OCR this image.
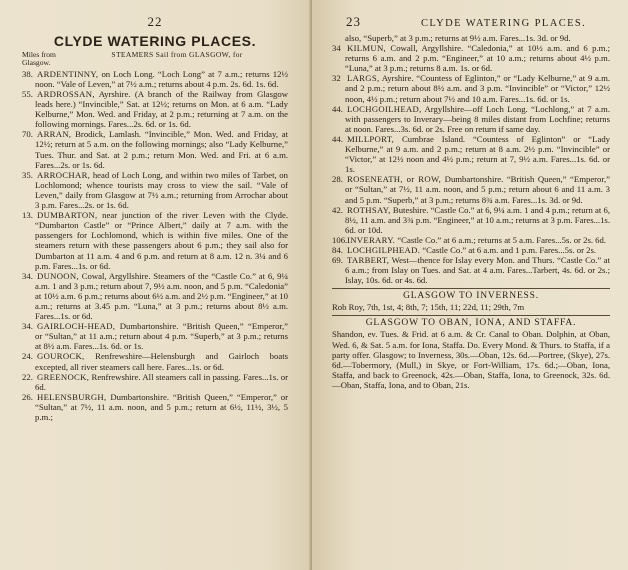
22
CLYDE WATERING PLACES.
Miles from Glasgow.
STEAMERS Sail from GLASGOW, for
38. ARDENTINNY, on Loch Long. “Loch Long” at 7 a.m.; returns 12½ noon. “Vale of Leven,” at 7½ a.m.; returns about 4 p.m. 2s. 6d. 1s. 6d.
55. ARDROSSAN, Ayrshire. (A branch of the Railway from Glasgow leads here.) “Invincible,” Sat. at 12½; returns on Mon. at 6 a.m. “Lady Kelburne,” Mon. Wed. and Friday, at 2 p.m.; returning at 7 a.m. on the following mornings. Fares...2s. 6d. or 1s. 6d.
70. ARRAN, Brodick, Lamlash. “Invincible,” Mon. Wed. and Friday, at 12½; return at 5 a.m. on the following mornings; also “Lady Kelburne,” Tues. Thur. and Sat. at 2 p.m.; return Mon. Wed. and Fri. at 6 a.m. Fares...2s. or 1s. 6d.
35. ARROCHAR, head of Loch Long, and within two miles of Tarbet, on Lochlomond; whence tourists may cross to view the sail. “Vale of Leven,” daily from Glasgow at 7½ a.m.; returning from Arrochar about 3 p.m. Fares...2s. or 1s. 6d.
13. DUMBARTON, near junction of the river Leven with the Clyde. “Dumbarton Castle” or “Prince Albert,” daily at 7 a.m. with the passengers for Lochlomond, which is within five miles. One of the steamers return with these passengers about 6 p.m.; they sail also for Dumbarton at 11 a.m. 4 and 6 p.m. and return at 8 a.m. 12 n. 3¼ and 6 p.m. Fares...1s. or 6d.
34. DUNOON, Cowal, Argyllshire. Steamers of the “Castle Co.” at 6, 9¼ a.m. 1 and 3 p.m.; return about 7, 9½ a.m. noon, and 5 p.m. “Caledonia” at 10½ a.m. 6 p.m.; returns about 6½ a.m. and 2½ p.m. “Engineer,” at 10 a.m.; returns at 3.45 p.m. “Luna,” at 3 p.m.; returns about 8½ a.m. Fares...1s. or 6d.
34. GAIRLOCH-HEAD, Dumbartonshire. “British Queen,” “Emperor,” or “Sultan,” at 11 a.m.; return about 4 p.m. “Superb,” at 3 p.m.; returns at 8½ a.m. Fares...1s. 6d. or 1s.
24. GOUROCK, Renfrewshire—Helensburgh and Gairloch boats excepted, all river steamers call here. Fares...1s. or 6d.
22. GREENOCK, Renfrewshire. All steamers call in passing. Fares...1s. or 6d.
26. HELENSBURGH, Dumbartonshire. “British Queen,” “Emperor,” or “Sultan,” at 7½, 11 a.m. noon, and 5 p.m.; return at 6½, 11½, 3½, 5 p.m.;
23	CLYDE WATERING PLACES.
also, “Superb,” at 3 p.m.; returns at 9½ a.m. Fares...1s. 3d. or 9d.
34 KILMUN, Cowall, Argyllshire. “Caledonia,” at 10½ a.m. and 6 p.m.; returns 6 a.m. and 2 p.m. “Engineer,” at 10 a.m.; returns about 4½ p.m. “Luna,” at 3 p.m.; returns 8 a.m. 1s. or 6d.
32 LARGS, Ayrshire. “Countess of Eglinton,” or “Lady Kelburne,” at 9 a.m. and 2 p.m.; return about 8½ a.m. and 3 p.m. “Invincible” or “Victor,” 12½ noon, 4½ p.m.; return about 7½ and 10 a.m. Fares...1s. 6d. or 1s.
44. LOCHGOILHEAD, Argyllshire—off Loch Long. “Lochlong,” at 7 a.m. with passengers to Inverary—being 8 miles distant from Lochfine; returns at noon. Fares...3s. 6d. or 2s. Free on return if same day.
44. MILLPORT, Cumbrae Island. “Countess of Eglinton” or “Lady Kelburne,” at 9 a.m. and 2 p.m.; return at 8 a.m. 2½ p.m. “Invincible” or “Victor,” at 12½ noon and 4½ p.m.; return at 7, 9½ a.m. Fares...1s. 6d. or 1s.
28. ROSENEATH, or ROW, Dumbartonshire. “British Queen,” “Emperor,” or “Sultan,” at 7½, 11 a.m. noon, and 5 p.m.; return about 6 and 11 a.m. 3 and 5 p.m. “Superb,” at 3 p.m.; returns 8¾ a.m. Fares...1s. 3d. or 9d.
42. ROTHSAY, Buteshire. “Castle Co.” at 6, 9¼ a.m. 1 and 4 p.m.; return at 6, 8½, 11 a.m. and 3¾ p.m. “Engineer,” at 10 a.m.; returns at 3 p.m. Fares...1s. 6d. or 10d.
106.INVERARY. “Castle Co.” at 6 a.m.; returns at 5 a.m. Fares...5s. or 2s. 6d.
84. LOCHGILPHEAD. “Castle Co.” at 6 a.m. and 1 p.m. Fares...5s. or 2s.
69. TARBERT, West—thence for Islay every Mon. and Thurs. “Castle Co.” at 6 a.m.; from Islay on Tues. and Sat. at 4 a.m. Fares...Tarbert, 4s. 6d. or 2s.; Islay, 10s. 6d. or 4s. 6d.
GLASGOW TO INVERNESS.
Rob Roy, 7th, 1st, 4; 8th, 7; 15th, 11; 22d, 11; 29th, 7m
GLASGOW TO OBAN, IONA, AND STAFFA.
Shandon, ev. Tues. & Frid. at 6 a.m. & Cr. Canal to Oban. Dolphin, at Oban, Wed. 6, & Sat. 5 a.m. for Iona, Staffa. Do. Every Mond. & Thurs. to Staffa, if a party offer. Glasgow; to Inverness, 30s.—Oban, 12s. 6d.—Portree, (Skye), 27s. 6d.—Tobermory, (Mull,) in Skye, or Fort-William, 17s. 6d.;—Oban, Iona, Staffa, and back to Greenock, 42s.—Oban, Staffa, Iona, to Greenock, 32s. 6d.—Oban, Staffa, Iona, and to Oban, 21s.
